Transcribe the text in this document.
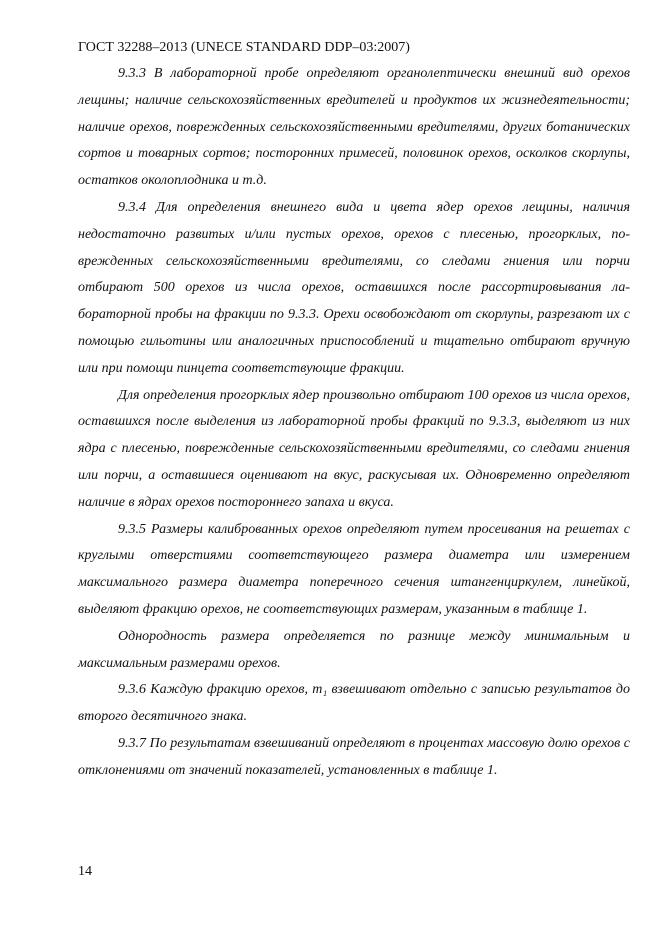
ГОСТ 32288–2013 (UNECE STANDARD DDP–03:2007)

9.3.3 В лабораторной пробе определяют органолептически внешний вид орехов лещины; наличие сельскохозяйственных вредителей и продуктов их жизнедеятельности; наличие орехов, поврежденных сельскохозяйственными вредителями, других ботанических сортов и товарных сортов; посторонних примесей, половинок орехов, осколков скорлупы, остатков околоплодника и т.д.

9.3.4 Для определения внешнего вида и цвета ядер орехов лещины, наличия недостаточно развитых и/или пустых орехов, орехов с плесенью, прогорклых, поврежденных сельскохозяйственными вредителями, со следами гниения или порчи отбирают 500 орехов из числа орехов, оставшихся после рассортировывания лабораторной пробы на фракции по 9.3.3. Орехи освобождают от скорлупы, разрезают их с помощью гильотины или аналогичных приспособлений и тщательно отбирают вручную или при помощи пинцета соответствующие фракции.

Для определения прогорклых ядер произвольно отбирают 100 орехов из числа орехов, оставшихся после выделения из лабораторной пробы фракций по 9.3.3, выделяют из них ядра с плесенью, поврежденные сельскохозяйственными вредителями, со следами гниения или порчи, а оставшиеся оценивают на вкус, раскусывая их. Одновременно определяют наличие в ядрах орехов постороннего запаха и вкуса.

9.3.5 Размеры калиброванных орехов определяют путем просеивания на решетах с круглыми отверстиями соответствующего размера диаметра или измерением максимального размера диаметра поперечного сечения штангенциркулем, линейкой, выделяют фракцию орехов, не соответствующих размерам, указанным в таблице 1.

Однородность размера определяется по разнице между минимальным и максимальным размерами орехов.

9.3.6 Каждую фракцию орехов, m₁ взвешивают отдельно с записью результатов до второго десятичного знака.

9.3.7 По результатам взвешиваний определяют в процентах массовую долю орехов с отклонениями от значений показателей, установленных в таблице 1.

14
